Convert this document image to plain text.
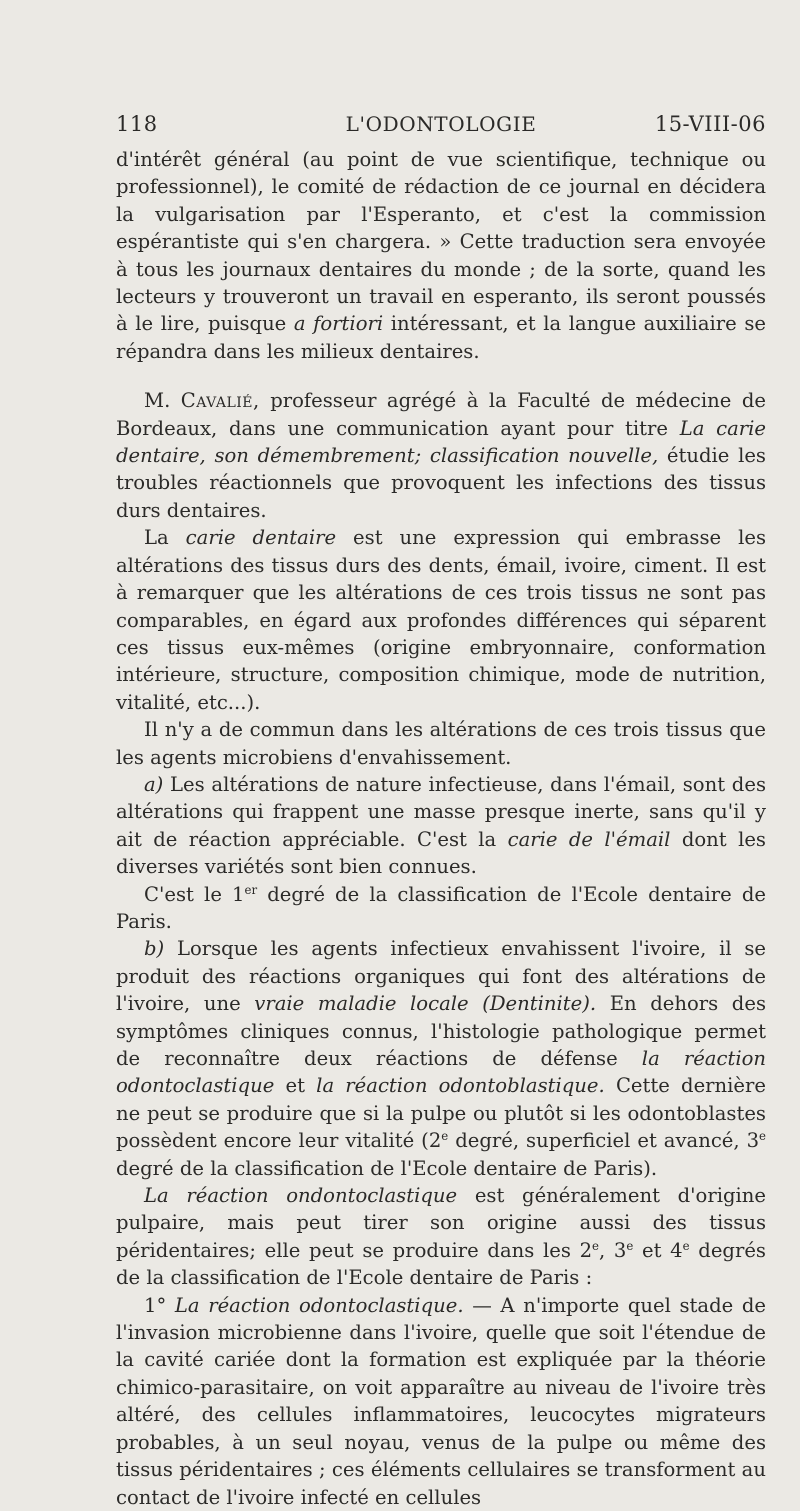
118	L'ODONTOLOGIE	15-VIII-06

d'intérêt général (au point de vue scientifique, technique ou professionnel), le comité de rédaction de ce journal en décidera la vulgarisation par l'Esperanto, et c'est la commission espérantiste qui s'en chargera. » Cette traduction sera envoyée à tous les journaux dentaires du monde ; de la sorte, quand les lecteurs y trouveront un travail en esperanto, ils seront poussés à le lire, puisque a fortiori intéressant, et la langue auxiliaire se répandra dans les milieux dentaires.

M. Cavalié, professeur agrégé à la Faculté de médecine de Bordeaux, dans une communication ayant pour titre La carie dentaire, son démembrement; classification nouvelle, étudie les troubles réactionnels que provoquent les infections des tissus durs dentaires.

La carie dentaire est une expression qui embrasse les altérations des tissus durs des dents, émail, ivoire, ciment. Il est à remarquer que les altérations de ces trois tissus ne sont pas comparables, en égard aux profondes différences qui séparent ces tissus eux-mêmes (origine embryonnaire, conformation intérieure, structure, composition chimique, mode de nutrition, vitalité, etc...).

Il n'y a de commun dans les altérations de ces trois tissus que les agents microbiens d'envahissement.

a) Les altérations de nature infectieuse, dans l'émail, sont des altérations qui frappent une masse presque inerte, sans qu'il y ait de réaction appréciable. C'est la carie de l'émail dont les diverses variétés sont bien connues.

C'est le 1er degré de la classification de l'Ecole dentaire de Paris.

b) Lorsque les agents infectieux envahissent l'ivoire, il se produit des réactions organiques qui font des altérations de l'ivoire, une vraie maladie locale (Dentinite). En dehors des symptômes cliniques connus, l'histologie pathologique permet de reconnaître deux réactions de défense la réaction odontoclastique et la réaction odontoblastique. Cette dernière ne peut se produire que si la pulpe ou plutôt si les odontoblastes possèdent encore leur vitalité (2e degré, superficiel et avancé, 3e degré de la classification de l'Ecole dentaire de Paris).

La réaction ondontoclastique est généralement d'origine pulpaire, mais peut tirer son origine aussi des tissus péridentaires; elle peut se produire dans les 2e, 3e et 4e degrés de la classification de l'Ecole dentaire de Paris :

1° La réaction odontoclastique. — A n'importe quel stade de l'invasion microbienne dans l'ivoire, quelle que soit l'étendue de la cavité cariée dont la formation est expliquée par la théorie chimico-parasitaire, on voit apparaître au niveau de l'ivoire très altéré, des cellules inflammatoires, leucocytes migrateurs probables, à un seul noyau, venus de la pulpe ou même des tissus péridentaires ; ces éléments cellulaires se transforment au contact de l'ivoire infecté en cellules
